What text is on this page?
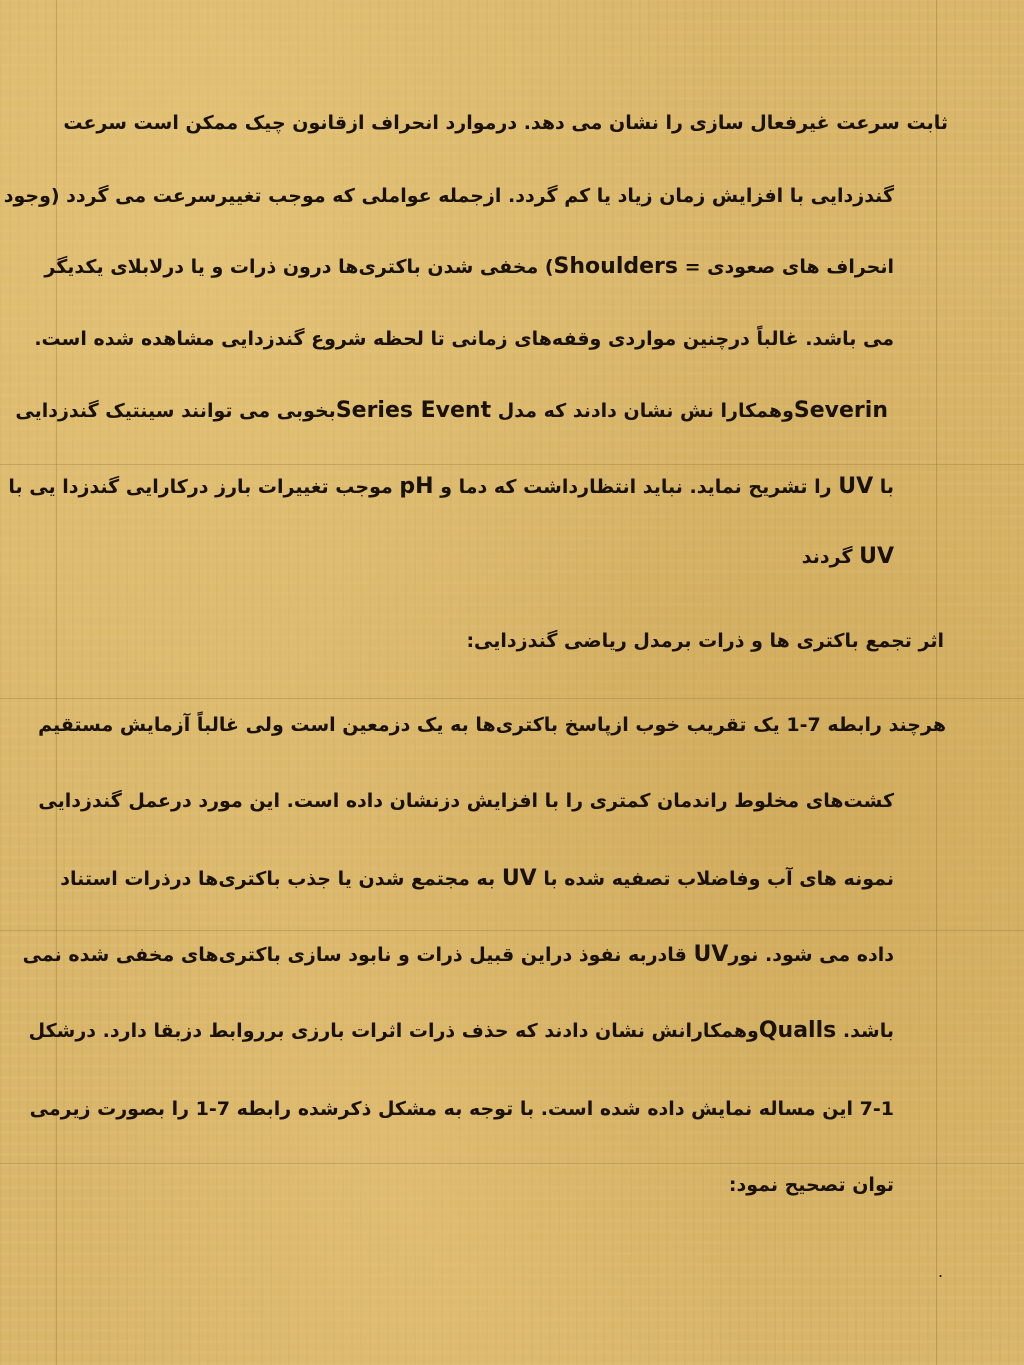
ثابت سرعت غیرفعال سازی را نشان می دهد. درموارد انحراف ازقانون چیک ممکن است سرعت

گندزدایی با افزایش زمان زیاد یا کم گردد. ازجمله عواملی که موجب تغییرسرعت می گردد (وجود

انحراف های صعودی = Shoulders) مخفی شدن باکتری‌ها درون ذرات و یا درلابلای یکدیگر

می باشد. غالباً درچنین مواردی وقفه‌های زمانی تا لحظه شروع گندزدایی مشاهده شده است.

Severinوهمکارا نش نشان دادند که مدل Series Eventبخوبی می توانند سینتیک گندزدایی

با UV را تشریح نماید. نباید انتظارداشت که دما و pH موجب تغییرات بارز درکارایی گندزدا یی با

UV گردند

اثر تجمع باکتری ها و ذرات برمدل ریاضی گندزدایی:

هرچند رابطه 7-1 یک تقریب خوب ازپاسخ باکتری‌ها به یک دزمعین است ولی غالباً آزمایش مستقیم

کشت‌های مخلوط راندمان کمتری را با افزایش دزنشان داده است. این مورد درعمل گندزدایی

نمونه های آب وفاضلاب تصفیه شده با UV به مجتمع شدن یا جذب باکتری‌ها درذرات استناد

داده می شود. نورUV قادربه نفوذ دراین قبیل ذرات و نابود سازی باکتری‌های مخفی شده نمی

باشد. Quallsوهمکارانش نشان دادند که حذف ذرات اثرات بارزی برروابط دزبقا دارد. درشکل

7-1 این مساله نمایش داده شده است. با توجه به مشکل ذکرشده رابطه 7-1 را بصورت زیرمی

توان تصحیح نمود:

.
